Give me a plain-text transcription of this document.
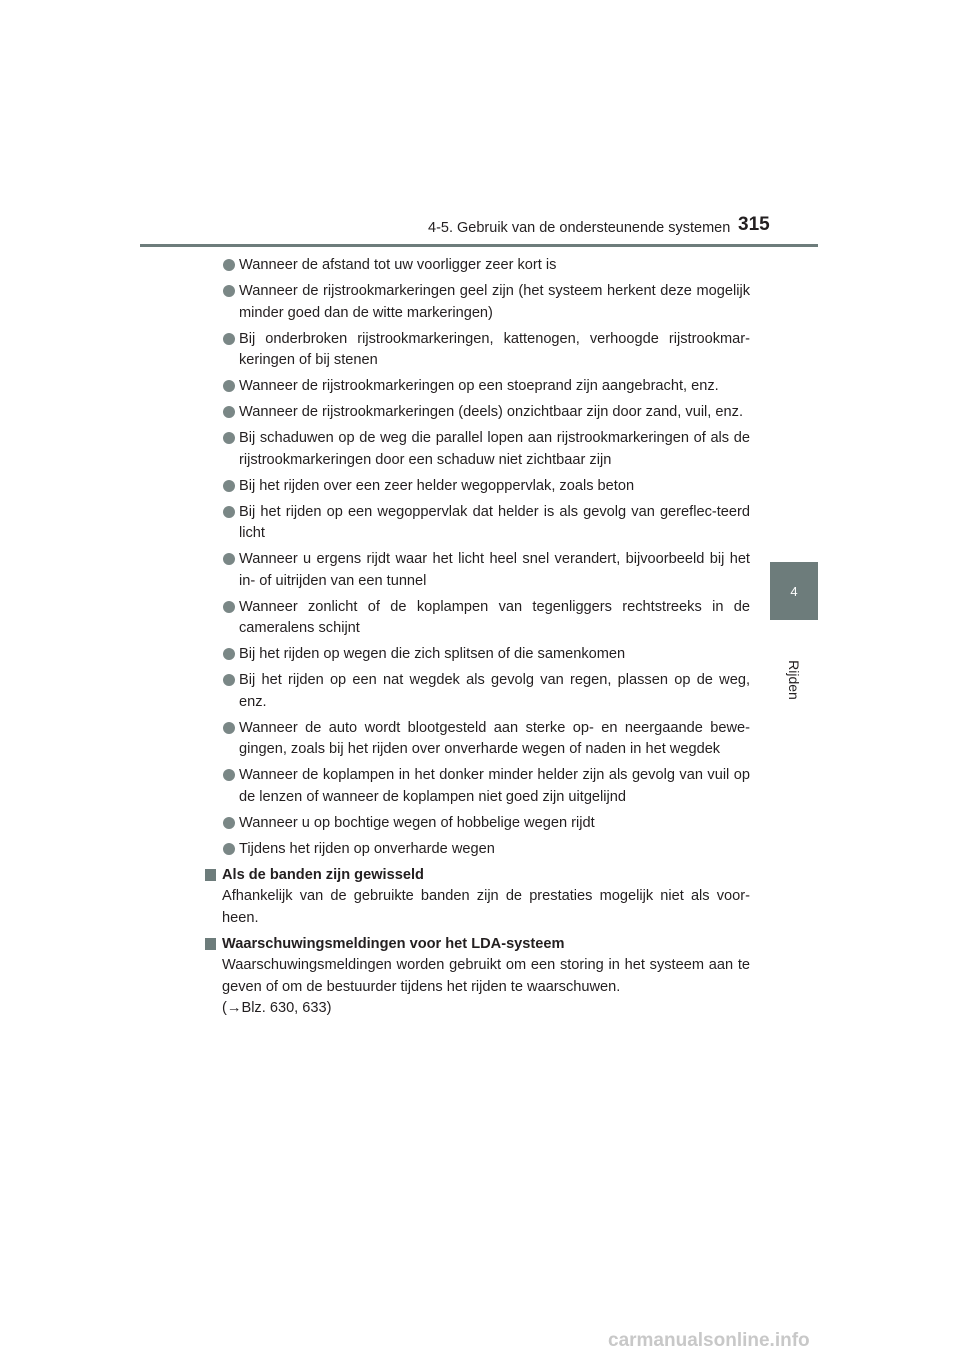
4-5. Gebruik van de ondersteunende systemen 315
4
Rijden
Wanneer de afstand tot uw voorligger zeer kort is
Wanneer de rijstrookmarkeringen geel zijn (het systeem herkent deze mogelijk minder goed dan de witte markeringen)
Bij onderbroken rijstrookmarkeringen, kattenogen, verhoogde rijstrookmar-keringen of bij stenen
Wanneer de rijstrookmarkeringen op een stoeprand zijn aangebracht, enz.
Wanneer de rijstrookmarkeringen (deels) onzichtbaar zijn door zand, vuil, enz.
Bij schaduwen op de weg die parallel lopen aan rijstrookmarkeringen of als de rijstrookmarkeringen door een schaduw niet zichtbaar zijn
Bij het rijden over een zeer helder wegoppervlak, zoals beton
Bij het rijden op een wegoppervlak dat helder is als gevolg van gereflec-teerd licht
Wanneer u ergens rijdt waar het licht heel snel verandert, bijvoorbeeld bij het in- of uitrijden van een tunnel
Wanneer zonlicht of de koplampen van tegenliggers rechtstreeks in de cameralens schijnt
Bij het rijden op wegen die zich splitsen of die samenkomen
Bij het rijden op een nat wegdek als gevolg van regen, plassen op de weg, enz.
Wanneer de auto wordt blootgesteld aan sterke op- en neergaande bewe-gingen, zoals bij het rijden over onverharde wegen of naden in het wegdek
Wanneer de koplampen in het donker minder helder zijn als gevolg van vuil op de lenzen of wanneer de koplampen niet goed zijn uitgelijnd
Wanneer u op bochtige wegen of hobbelige wegen rijdt
Tijdens het rijden op onverharde wegen
Als de banden zijn gewisseld
Afhankelijk van de gebruikte banden zijn de prestaties mogelijk niet als voor-heen.
Waarschuwingsmeldingen voor het LDA-systeem
Waarschuwingsmeldingen worden gebruikt om een storing in het systeem aan te geven of om de bestuurder tijdens het rijden te waarschuwen.
(→Blz. 630, 633)
carmanualsonline.info
